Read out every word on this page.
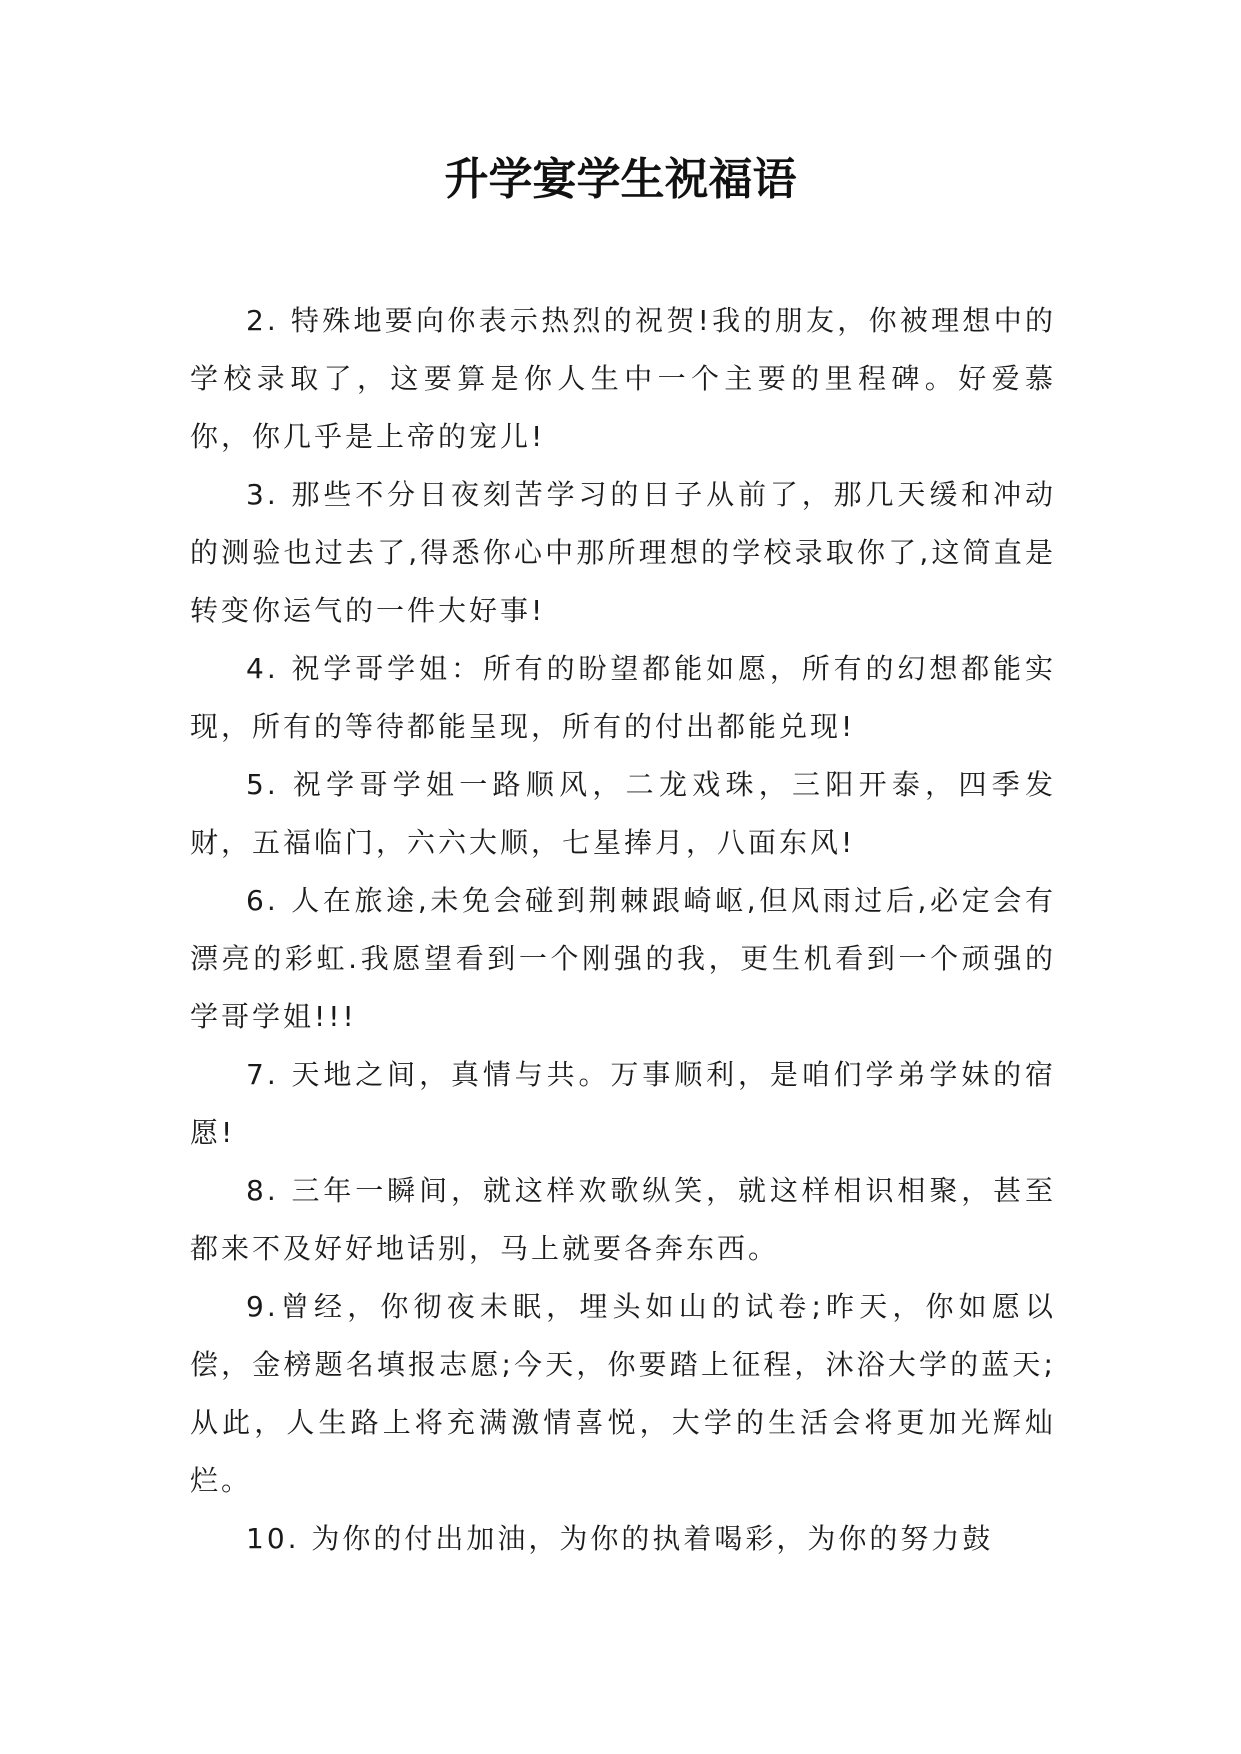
升学宴学生祝福语

2. 特殊地要向你表示热烈的祝贺!我的朋友，你被理想中的学校录取了，这要算是你人生中一个主要的里程碑。好爱慕你，你几乎是上帝的宠儿!

3. 那些不分日夜刻苦学习的日子从前了，那几天缓和冲动的测验也过去了,得悉你心中那所理想的学校录取你了,这简直是转变你运气的一件大好事!

4. 祝学哥学姐：所有的盼望都能如愿，所有的幻想都能实现，所有的等待都能呈现，所有的付出都能兑现!

5. 祝学哥学姐一路顺风，二龙戏珠，三阳开泰，四季发财，五福临门，六六大顺，七星捧月，八面东风!

6. 人在旅途,未免会碰到荆棘跟崎岖,但风雨过后,必定会有漂亮的彩虹.我愿望看到一个刚强的我，更生机看到一个顽强的学哥学姐!!!

7. 天地之间，真情与共。万事顺利，是咱们学弟学妹的宿愿!

8. 三年一瞬间，就这样欢歌纵笑，就这样相识相聚，甚至都来不及好好地话别，马上就要各奔东西。

9.曾经，你彻夜未眠，埋头如山的试卷;昨天，你如愿以偿，金榜题名填报志愿;今天，你要踏上征程，沐浴大学的蓝天;从此，人生路上将充满激情喜悦，大学的生活会将更加光辉灿烂。

10. 为你的付出加油，为你的执着喝彩，为你的努力鼓
